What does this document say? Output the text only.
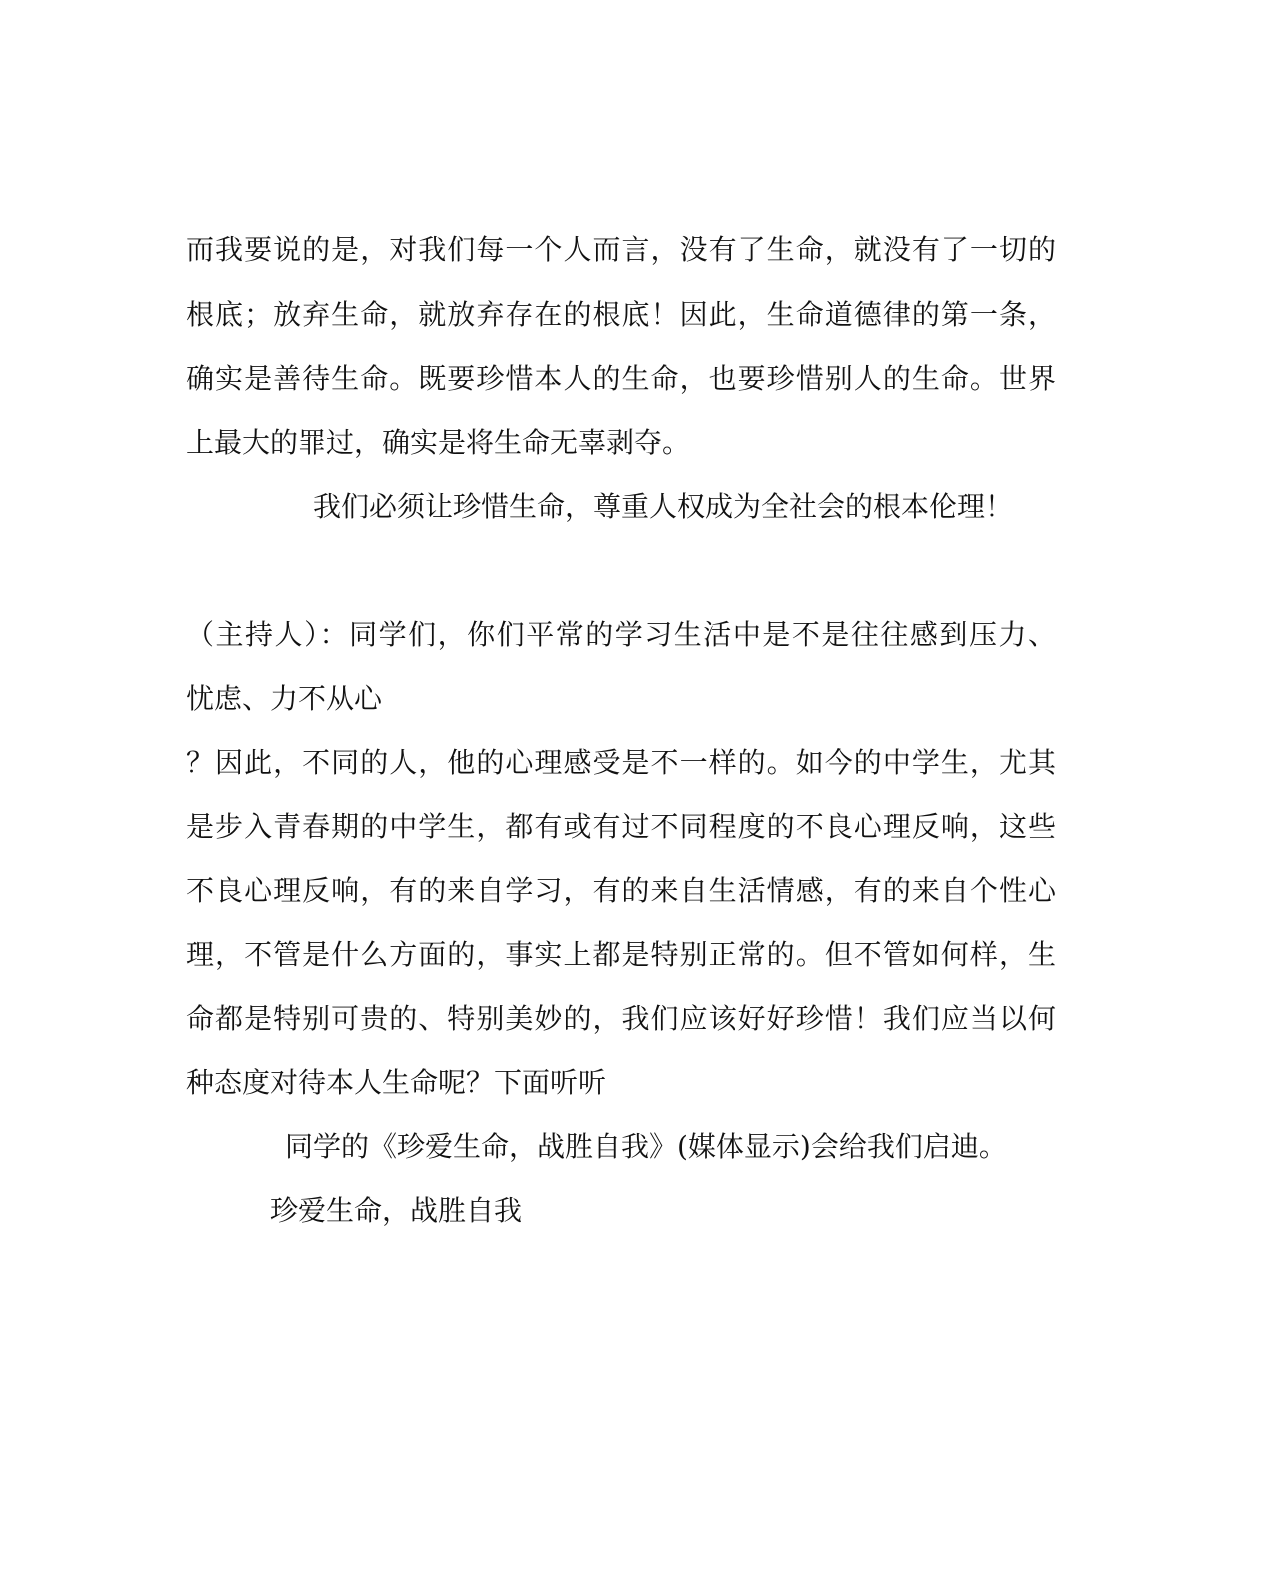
而我要说的是，对我们每一个人而言，没有了生命，就没有了一切的
根底；放弃生命，就放弃存在的根底！因此，生命道德律的第一条，
确实是善待生命。既要珍惜本人的生命，也要珍惜别人的生命。世界
上最大的罪过，确实是将生命无辜剥夺。
我们必须让珍惜生命，尊重人权成为全社会的根本伦理！
（主持人）：同学们，你们平常的学习生活中是不是往往感到压力、
忧虑、力不从心
？因此，不同的人，他的心理感受是不一样的。如今的中学生，尤其
是步入青春期的中学生，都有或有过不同程度的不良心理反响，这些
不良心理反响，有的来自学习，有的来自生活情感，有的来自个性心
理，不管是什么方面的，事实上都是特别正常的。但不管如何样，生
命都是特别可贵的、特别美妙的，我们应该好好珍惜！我们应当以何
种态度对待本人生命呢？下面听听
同学的《珍爱生命，战胜自我》(媒体显示)会给我们启迪。
珍爱生命，战胜自我
